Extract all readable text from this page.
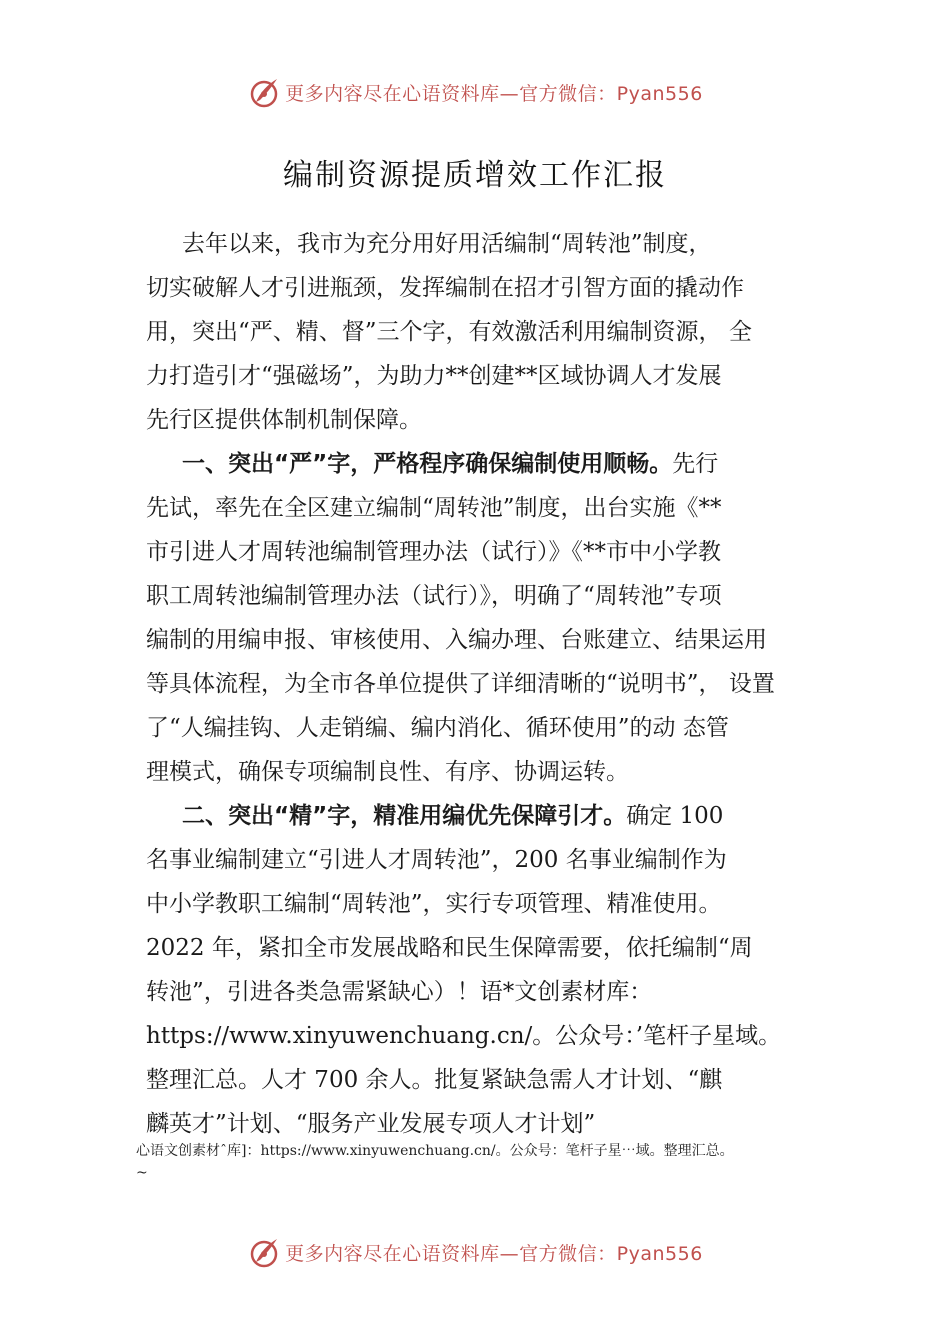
更多内容尽在心语资料库—官方微信：Pyan556
编制资源提质增效工作汇报
去年以来，我市为充分用好用活编制“周转池”制度，
切实破解人才引进瓶颈，发挥编制在招才引智方面的撬动作
用，突出“严、精、督”三个字，有效激活利用编制资源， 全
力打造引才“强磁场”，为助力**创建**区域协调人才发展
先行区提供体制机制保障。
一、突出“严”字，严格程序确保编制使用顺畅。先行
先试，率先在全区建立编制“周转池”制度，出台实施《**
市引进人才周转池编制管理办法（试行）》《**市中小学教
职工周转池编制管理办法（试行）》，明确了“周转池”专项
编制的用编申报、审核使用、入编办理、台账建立、结果运用
等具体流程，为全市各单位提供了详细清晰的“说明书”， 设置
了“人编挂钩、人走销编、编内消化、循环使用”的动 态管
理模式，确保专项编制良性、有序、协调运转。
二、突出“精”字，精准用编优先保障引才。确定 100
名事业编制建立“引进人才周转池”，200 名事业编制作为
中小学教职工编制“周转池”，实行专项管理、精准使用。
2022 年，紧扣全市发展战略和民生保障需要，依托编制“周
转池”，引进各类急需紧缺心）！语*文创素材库：
https://www.xinyuwenchuang.cn/。公众号：’笔杆子星域。
整理汇总。人才 700 余人。批复紧缺急需人才计划、“麒
麟英才”计划、“服务产业发展专项人才计划”
心语文创素材ˆ库]：https://www.xinyuwenchuang.cn/。公众号：笔杆子星⋯域。整理汇总。
~
更多内容尽在心语资料库—官方微信：Pyan556
